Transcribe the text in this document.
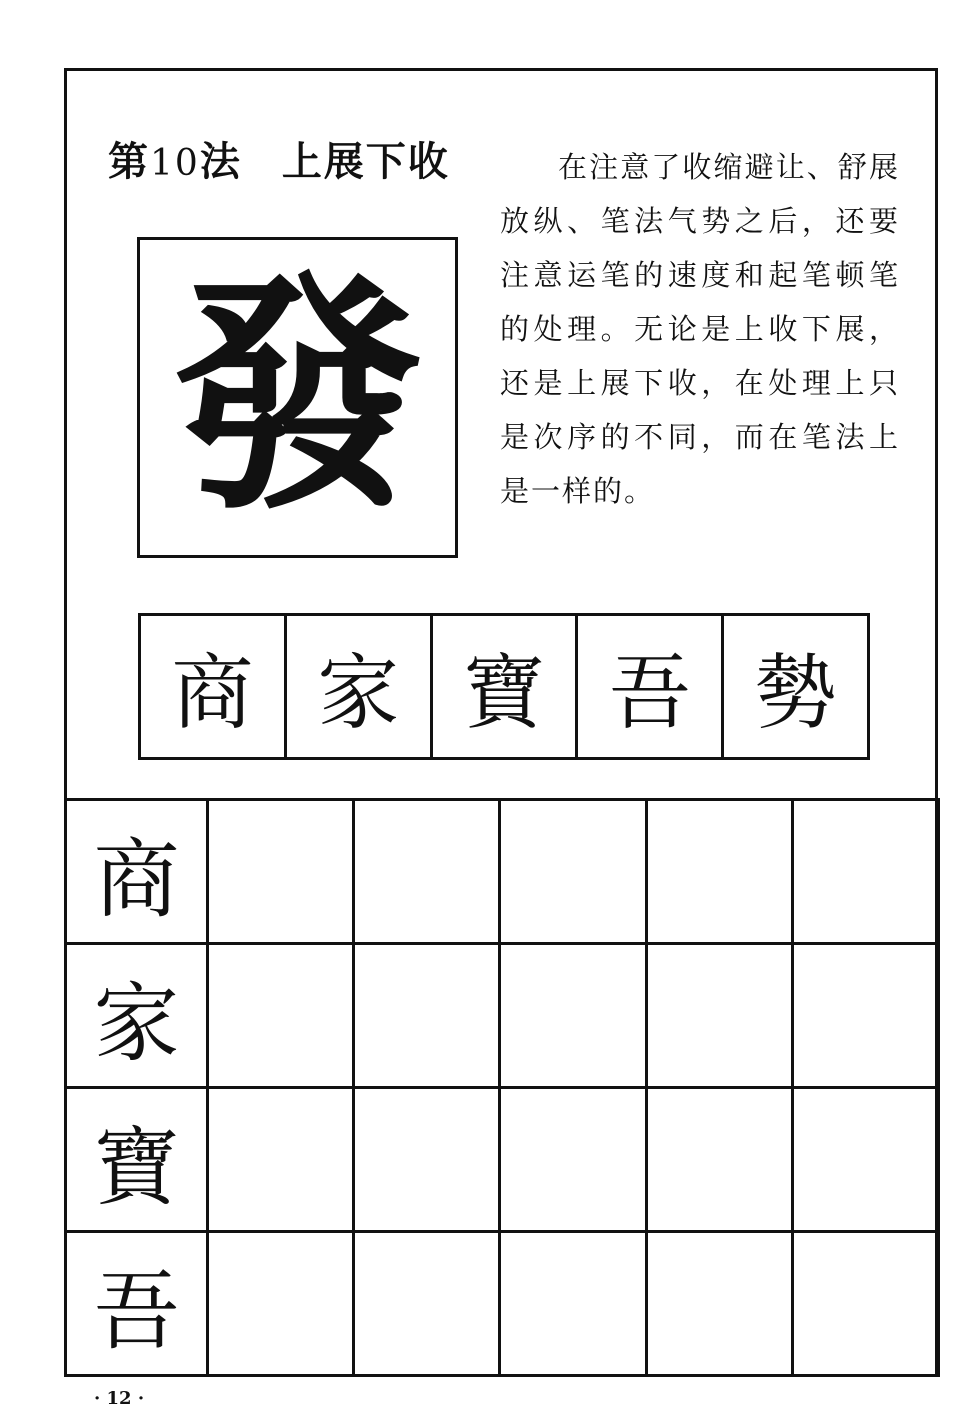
第10法 上展下收
發
在注意了收缩避让、舒展放纵、笔法气势之后，还要注意运笔的速度和起笔顿笔的处理。无论是上收下展，还是上展下收，在处理上只是次序的不同，而在笔法上是一样的。
商 家 寶 吾 勢
商
家
寶
吾
· 12 ·
